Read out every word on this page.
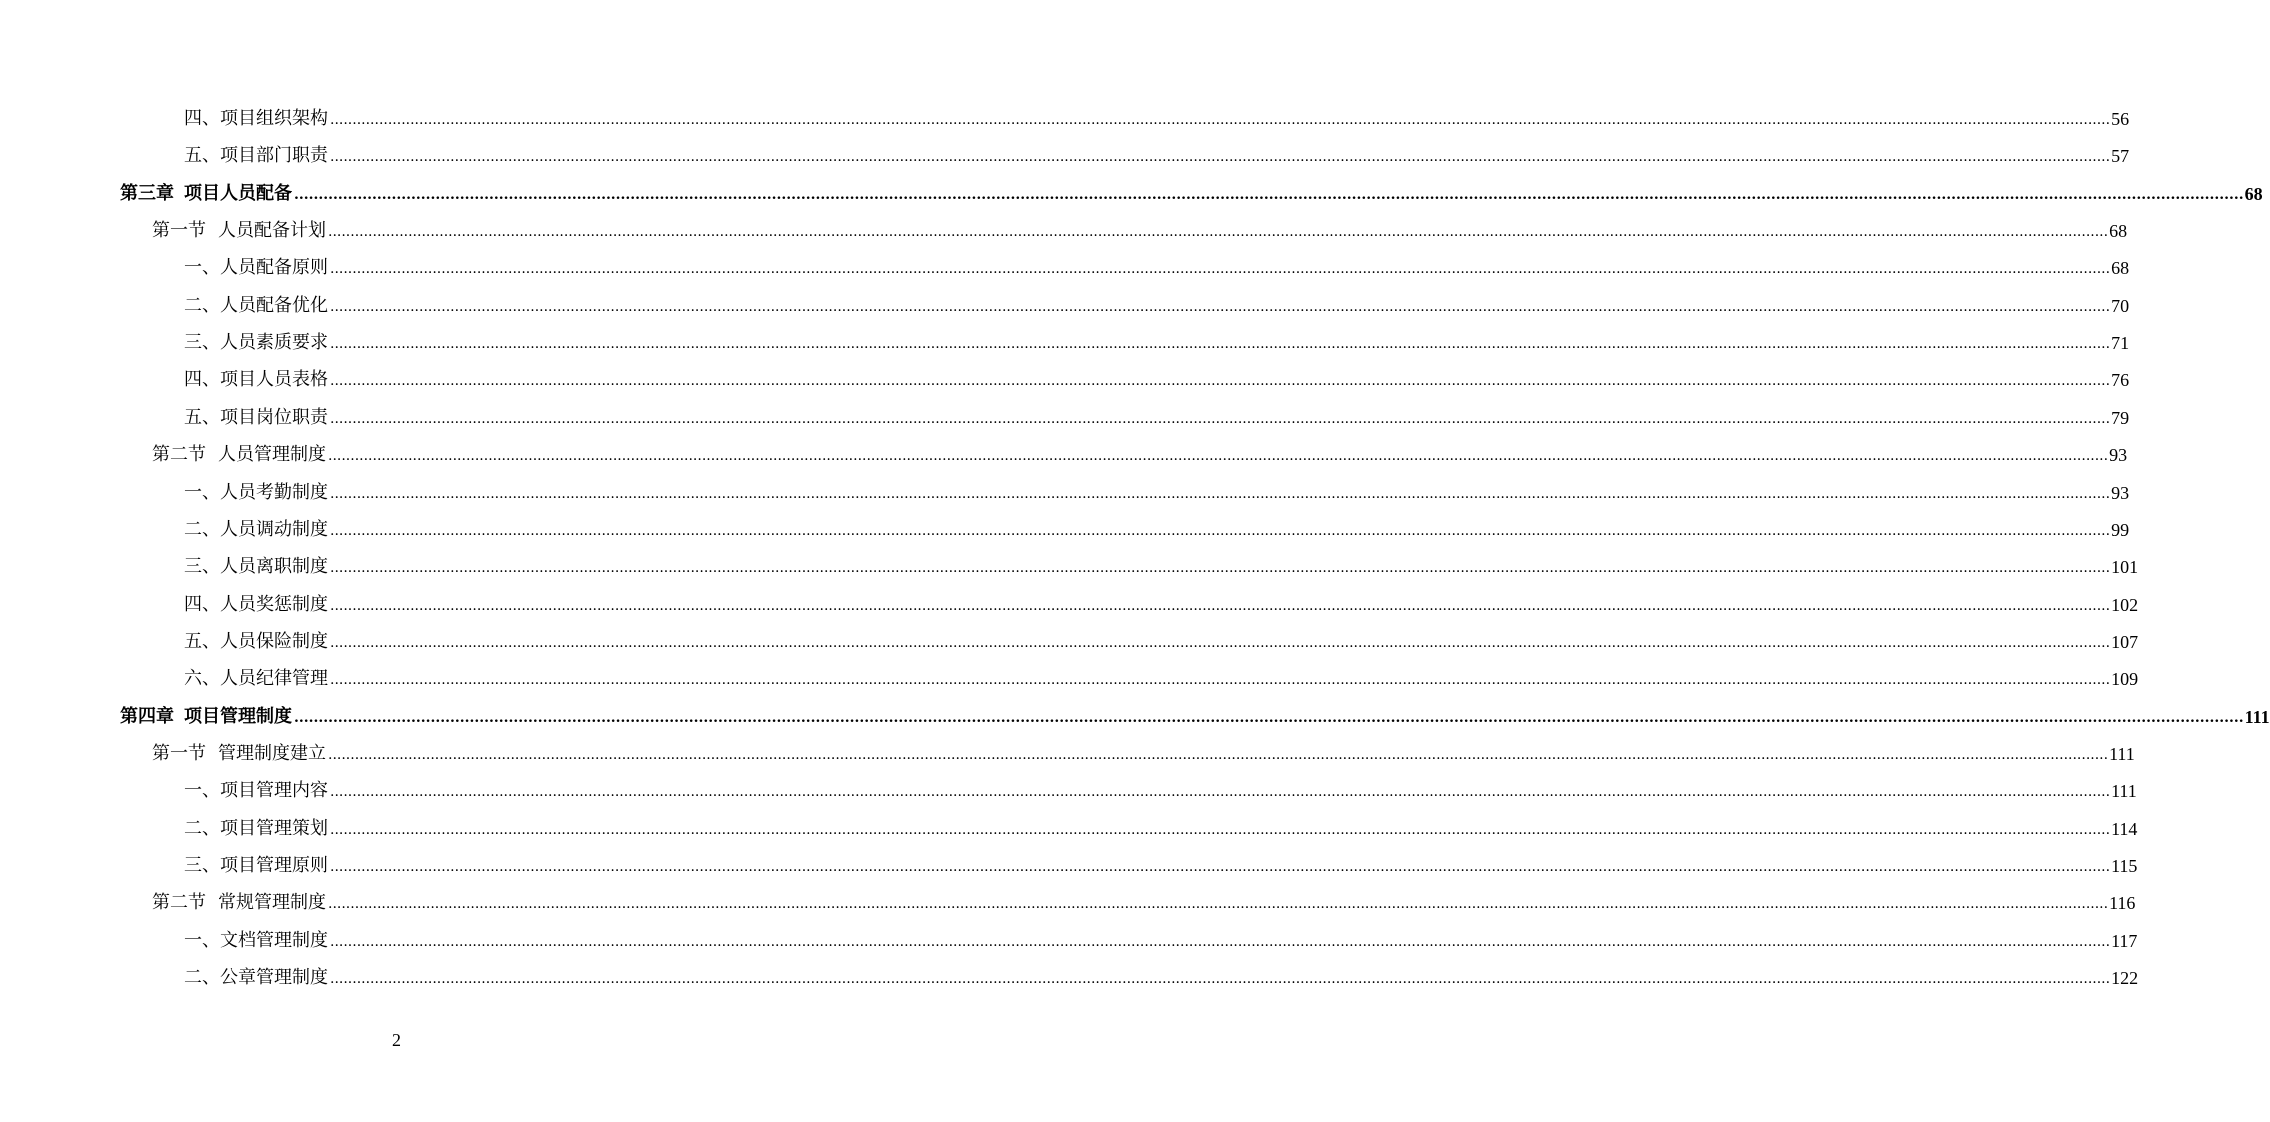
四、 项目组织架构 ................................................................................................................................................................................................................................................................................................................................................................................................................ 56
五、 项目部门职责 ................................................................................................................................................................................................................................................................................................................................................................................................................ 57
第三章 项目人员配备 ................................................................................................................................................................................................................................................................................................................................................................................................................ 68
第一节 人员配备计划 ................................................................................................................................................................................................................................................................................................................................................................................................................ 68
一、 人员配备原则 ................................................................................................................................................................................................................................................................................................................................................................................................................ 68
二、 人员配备优化 ................................................................................................................................................................................................................................................................................................................................................................................................................ 70
三、 人员素质要求 ................................................................................................................................................................................................................................................................................................................................................................................................................ 71
四、 项目人员表格 ................................................................................................................................................................................................................................................................................................................................................................................................................ 76
五、 项目岗位职责 ................................................................................................................................................................................................................................................................................................................................................................................................................ 79
第二节 人员管理制度 ................................................................................................................................................................................................................................................................................................................................................................................................................ 93
一、 人员考勤制度 ................................................................................................................................................................................................................................................................................................................................................................................................................ 93
二、 人员调动制度 ................................................................................................................................................................................................................................................................................................................................................................................................................ 99
三、 人员离职制度 ................................................................................................................................................................................................................................................................................................................................................................................................................ 101
四、 人员奖惩制度 ................................................................................................................................................................................................................................................................................................................................................................................................................ 102
五、 人员保险制度 ................................................................................................................................................................................................................................................................................................................................................................................................................ 107
六、 人员纪律管理 ................................................................................................................................................................................................................................................................................................................................................................................................................ 109
第四章 项目管理制度 ................................................................................................................................................................................................................................................................................................................................................................................................................ 111
第一节 管理制度建立 ................................................................................................................................................................................................................................................................................................................................................................................................................ 111
一、 项目管理内容 ................................................................................................................................................................................................................................................................................................................................................................................................................ 111
二、 项目管理策划 ................................................................................................................................................................................................................................................................................................................................................................................................................ 114
三、 项目管理原则 ................................................................................................................................................................................................................................................................................................................................................................................................................ 115
第二节 常规管理制度 ................................................................................................................................................................................................................................................................................................................................................................................................................ 116
一、 文档管理制度 ................................................................................................................................................................................................................................................................................................................................................................................................................ 117
二、 公章管理制度 ................................................................................................................................................................................................................................................................................................................................................................................................................ 122
2
